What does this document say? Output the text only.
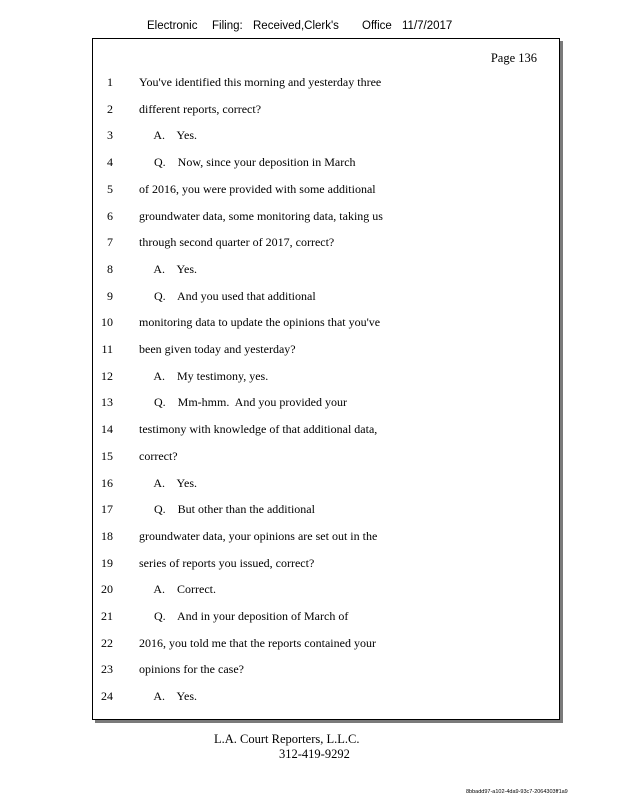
Electronic Filing: Received,Clerk's Office 11/7/2017
Page 136
1 You've identified this morning and yesterday three
2 different reports, correct?
3 A.    Yes.
4 Q.    Now, since your deposition in March
5 of 2016, you were provided with some additional
6 groundwater data, some monitoring data, taking us
7 through second quarter of 2017, correct?
8 A.    Yes.
9 Q.    And you used that additional
10 monitoring data to update the opinions that you've
11 been given today and yesterday?
12 A.    My testimony, yes.
13 Q.    Mm-hmm.  And you provided your
14 testimony with knowledge of that additional data,
15 correct?
16 A.    Yes.
17 Q.    But other than the additional
18 groundwater data, your opinions are set out in the
19 series of reports you issued, correct?
20 A.    Correct.
21 Q.    And in your deposition of March of
22 2016, you told me that the reports contained your
23 opinions for the case?
24 A.    Yes.
L.A. Court Reporters, L.L.C.
312-419-9292
8bbadd97-a102-4da9-93c7-2064303ff1a9
